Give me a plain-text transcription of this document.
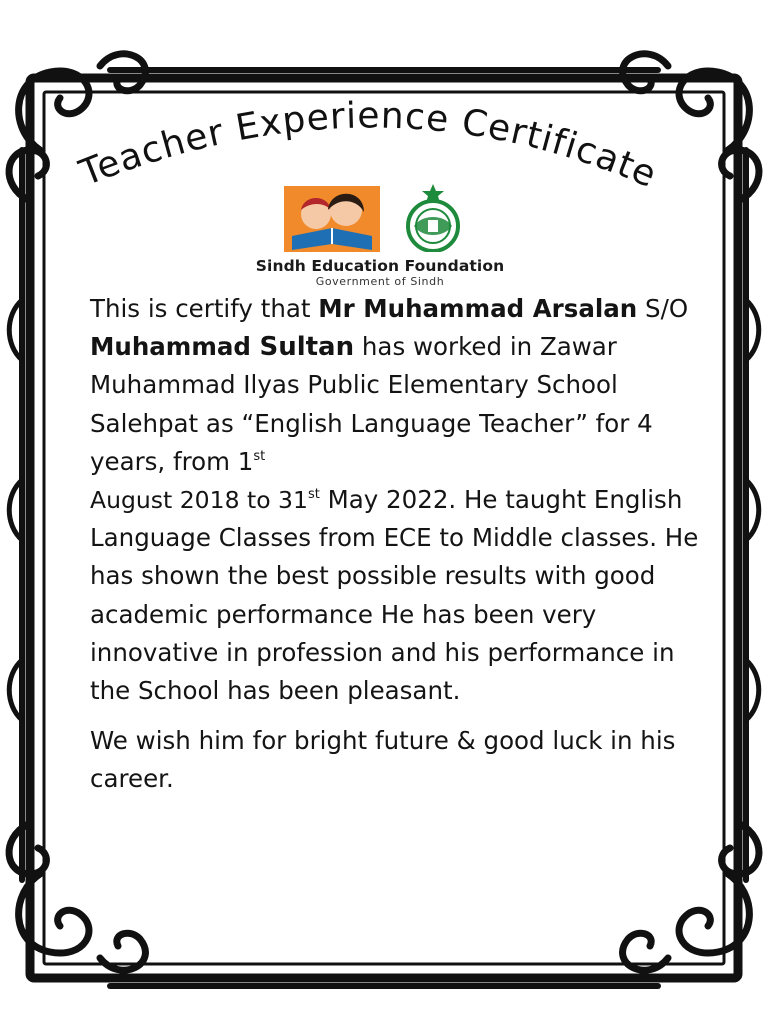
Teacher Experience Certificate
Sindh Education Foundation
Government of Sindh

This is certify that Mr Muhammad Arsalan S/O Muhammad Sultan has worked in Zawar Muhammad Ilyas Public Elementary School Salehpat as “English Language Teacher” for 4 years, from 1st
August 2018 to 31st May 2022. He taught English Language Classes from ECE to Middle classes. He has shown the best possible results with good academic performance He has been very innovative in profession and his performance in the School has been pleasant.

We wish him for bright future & good luck in his career.
